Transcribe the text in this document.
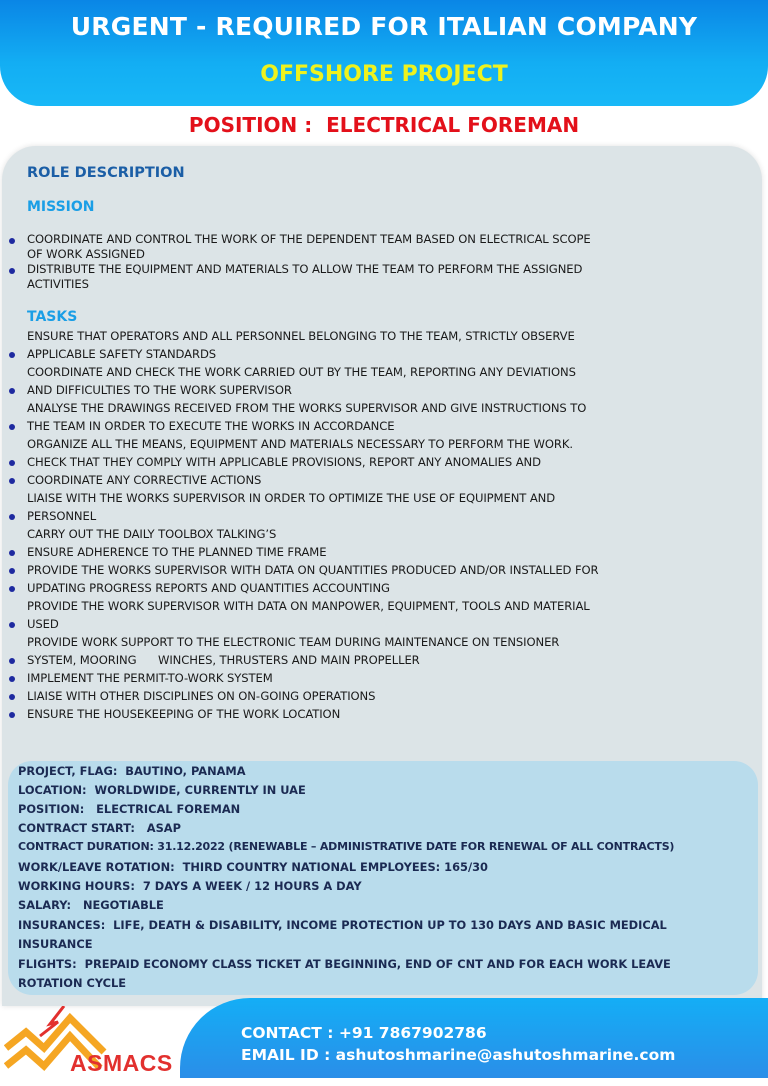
URGENT - REQUIRED FOR ITALIAN COMPANY
OFFSHORE PROJECT
POSITION :  ELECTRICAL FOREMAN
ROLE DESCRIPTION
MISSION
COORDINATE AND CONTROL THE WORK OF THE DEPENDENT TEAM BASED ON ELECTRICAL SCOPE
OF WORK ASSIGNED
DISTRIBUTE THE EQUIPMENT AND MATERIALS TO ALLOW THE TEAM TO PERFORM THE ASSIGNED
ACTIVITIES
TASKS
ENSURE THAT OPERATORS AND ALL PERSONNEL BELONGING TO THE TEAM, STRICTLY OBSERVE
APPLICABLE SAFETY STANDARDS
COORDINATE AND CHECK THE WORK CARRIED OUT BY THE TEAM, REPORTING ANY DEVIATIONS
AND DIFFICULTIES TO THE WORK SUPERVISOR
ANALYSE THE DRAWINGS RECEIVED FROM THE WORKS SUPERVISOR AND GIVE INSTRUCTIONS TO
THE TEAM IN ORDER TO EXECUTE THE WORKS IN ACCORDANCE
ORGANIZE ALL THE MEANS, EQUIPMENT AND MATERIALS NECESSARY TO PERFORM THE WORK.
CHECK THAT THEY COMPLY WITH APPLICABLE PROVISIONS, REPORT ANY ANOMALIES AND
COORDINATE ANY CORRECTIVE ACTIONS
LIAISE WITH THE WORKS SUPERVISOR IN ORDER TO OPTIMIZE THE USE OF EQUIPMENT AND
PERSONNEL
CARRY OUT THE DAILY TOOLBOX TALKING’S
ENSURE ADHERENCE TO THE PLANNED TIME FRAME
PROVIDE THE WORKS SUPERVISOR WITH DATA ON QUANTITIES PRODUCED AND/OR INSTALLED FOR
UPDATING PROGRESS REPORTS AND QUANTITIES ACCOUNTING
PROVIDE THE WORK SUPERVISOR WITH DATA ON MANPOWER, EQUIPMENT, TOOLS AND MATERIAL
USED
PROVIDE WORK SUPPORT TO THE ELECTRONIC TEAM DURING MAINTENANCE ON TENSIONER
SYSTEM, MOORING      WINCHES, THRUSTERS AND MAIN PROPELLER
IMPLEMENT THE PERMIT-TO-WORK SYSTEM
LIAISE WITH OTHER DISCIPLINES ON ON-GOING OPERATIONS
ENSURE THE HOUSEKEEPING OF THE WORK LOCATION
PROJECT, FLAG:  BAUTINO, PANAMA
LOCATION:  WORLDWIDE, CURRENTLY IN UAE
POSITION:   ELECTRICAL FOREMAN
CONTRACT START:   ASAP
CONTRACT DURATION: 31.12.2022 (RENEWABLE – ADMINISTRATIVE DATE FOR RENEWAL OF ALL CONTRACTS)
WORK/LEAVE ROTATION:  THIRD COUNTRY NATIONAL EMPLOYEES: 165/30
WORKING HOURS:  7 DAYS A WEEK / 12 HOURS A DAY
SALARY:   NEGOTIABLE
INSURANCES:  LIFE, DEATH & DISABILITY, INCOME PROTECTION UP TO 130 DAYS AND BASIC MEDICAL
INSURANCE
FLIGHTS:  PREPAID ECONOMY CLASS TICKET AT BEGINNING, END OF CNT AND FOR EACH WORK LEAVE
ROTATION CYCLE
CONTACT : +91 7867902786
EMAIL ID : ashutoshmarine@ashutoshmarine.com
ASMACS
